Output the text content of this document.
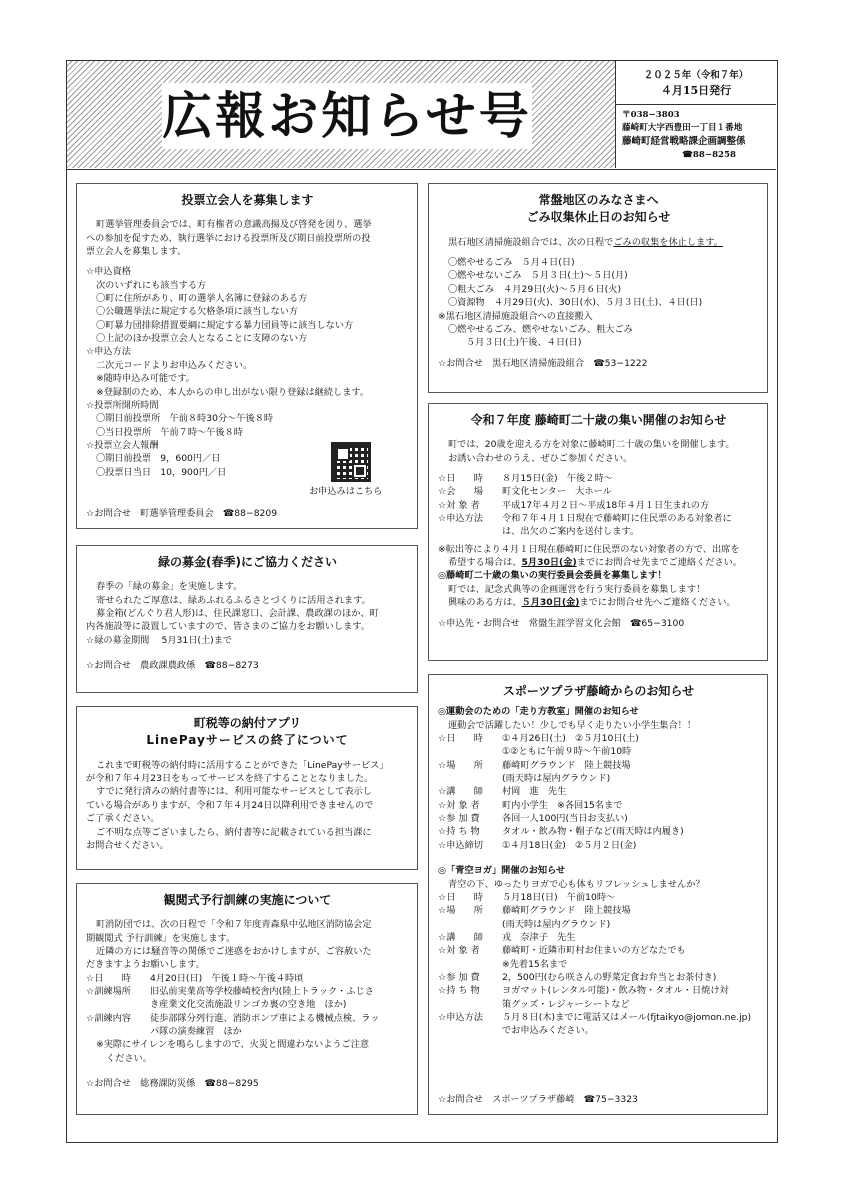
広報お知らせ号
２０２５年（令和７年）
４月15日発行
〒038−3803
藤崎町大字西豊田一丁目１番地
藤崎町経営戦略課企画調整係
☎88−8258
投票立会人を募集します

町選挙管理委員会では、町有権者の意識高揚及び啓発を図り、選挙

への参加を促すため、執行選挙における投票所及び期日前投票所の投

票立会人を募集します。

☆申込資格

次のいずれにも該当する方

〇町に住所があり、町の選挙人名簿に登録のある方

〇公職選挙法に規定する欠格条項に該当しない方

〇町暴力団排除措置要綱に規定する暴力団員等に該当しない方

〇上記のほか投票立会人となることに支障のない方

☆申込方法

二次元コードよりお申込みください。

※随時申込み可能です。

※登録制のため、本人からの申し出がない限り登録は継続します。

☆投票所開所時間

〇期日前投票所　午前８時30分〜午後８時

〇当日投票所　午前７時〜午後８時

☆投票立会人報酬

〇期日前投票　9，600円／日

〇投票日当日　10，900円／日

お申込みはこちら

☆お問合せ　町選挙管理委員会　☎88−8209

緑の募金(春季)にご協力ください

春季の「緑の募金」を実施します。

寄せられたご厚意は、緑あふれるふるさとづくりに活用されます。

募金箱(どんぐり君人形)は、住民課窓口、会計課、農政課のほか、町

内各施設等に設置していますので、皆さまのご協力をお願いします。

☆緑の募金期間　 5月31日(土)まで

☆お問合せ　農政課農政係　☎88−8273

町税等の納付アプリ
LinePayサービスの終了について

これまで町税等の納付時に活用することができた「LinePayサービス」

が令和７年４月23日をもってサービスを終了することとなりました。

すでに発行済みの納付書等には、利用可能なサービスとして表示し

ている場合がありますが、令和７年４月24日以降利用できませんので

ご了承ください。

ご不明な点等ございましたら、納付書等に記載されている担当課に

お問合せください。

観閲式予行訓練の実施について

町消防団では、次の日程で「令和７年度青森県中弘地区消防協会定

期観閲式 予行訓練」を実施します。

近隣の方には騒音等の関係でご迷惑をおかけしますが、ご容赦いた

だきますようお願いします。

☆日　　時	4月20日(日)　午後１時〜午後４時頃
☆訓練場所	旧弘前実業高等学校藤崎校舎内(陸上トラック・ふじさ

き産業文化交流施設リンゴカ裏の空き地　ほか)

☆訓練内容	徒歩部隊分列行進、消防ポンプ車による機械点検、ラッ

パ隊の演奏練習　ほか

※実際にサイレンを鳴らしますので、火災と間違わないようご注意

ください。

☆お問合せ　総務課防災係　☎88−8295

常盤地区のみなさまへ
ごみ収集休止日のお知らせ

黒石地区清掃施設組合では、次の日程でごみの収集を休止します。

〇燃やせるごみ　５月４日(日)

〇燃やせないごみ　５月３日(土)〜５日(月)

〇粗大ごみ　４月29日(火)〜５月６日(火)

〇資源物　４月29日(火)、30日(水)、５月３日(土)、４日(日)

※黒石地区清掃施設組合への直接搬入

〇燃やせるごみ、燃やせないごみ、粗大ごみ

５月３日(土)午後、４日(日)

☆お問合せ　黒石地区清掃施設組合　☎53−1222

令和７年度 藤崎町二十歳の集い開催のお知らせ

町では、20歳を迎える方を対象に藤崎町二十歳の集いを開催します。

お誘い合わせのうえ、ぜひご参加ください。

☆日　　時	８月15日(金)　午後２時〜
☆会　　場	町文化センター　大ホール
☆対 象 者	平成17年４月２日〜平成18年４月１日生まれの方
☆申込方法	令和７年４月１日現在で藤崎町に住民票のある対象者に

は、出欠のご案内を送付します。

※転出等により４月１日現在藤崎町に住民票のない対象者の方で、出席を

希望する場合は、5月30日(金)までにお問合せ先までご連絡ください。

◎藤崎町二十歳の集いの実行委員会委員を募集します！

町では、記念式典等の企画運営を行う実行委員を募集します！

興味のある方は、５月30日(金)までにお問合せ先へご連絡ください。

☆申込先・お問合せ　常盤生涯学習文化会館　☎65−3100

スポーツプラザ藤崎からのお知らせ

◎運動会のための「走り方教室」開催のお知らせ

運動会で活躍したい！少しでも早く走りたい小学生集合！！

☆日　　時	①４月26日(土)　②５月10日(土)
①②ともに午前９時〜午前10時
☆場　　所	藤崎町グラウンド　陸上競技場
(雨天時は屋内グラウンド)
☆講　　師	村岡　進　先生
☆対 象 者	町内小学生　※各回15名まで
☆参 加 費	各回一人100円(当日お支払い)
☆持 ち 物	タオル・飲み物・帽子など(雨天時は内履き)
☆申込締切	①４月18日(金)　②５月２日(金)

◎「青空ヨガ」開催のお知らせ

青空の下、ゆったりヨガで心も体もリフレッシュしませんか？

☆日　　時	５月18日(日)　午前10時〜
☆場　　所	藤崎町グラウンド　陸上競技場
(雨天時は屋内グラウンド)
☆講　　師	戎　奈津子　先生
☆対 象 者	藤崎町・近隣市町村お住まいの方どなたでも
※先着15名まで
☆参 加 費	2，500円(むら咲さんの野菜定食お弁当とお茶付き)
☆持 ち 物	ヨガマット(レンタル可能)・飲み物・タオル・日焼け対
策グッズ・レジャーシートなど
☆申込方法	５月８日(木)までに電話又はメール(fjtaikyo@jomon.ne.jp)
でお申込みください。

☆お問合せ　スポーツプラザ藤崎　☎75−3323
